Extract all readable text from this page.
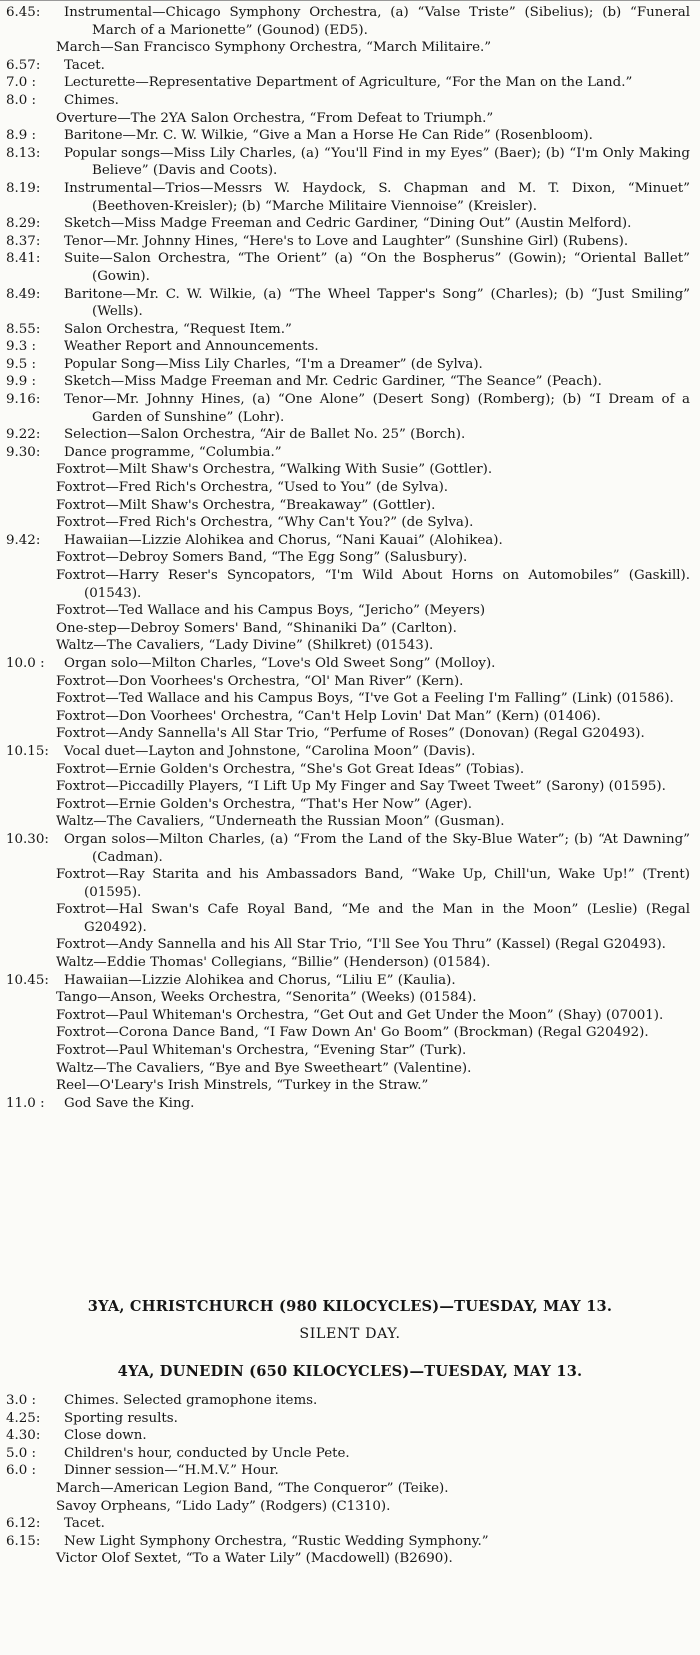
6.45: Instrumental—Chicago Symphony Orchestra, (a) “Valse Triste” (Sibelius); (b) “Funeral March of a Marionette” (Gounod) (ED5).
March—San Francisco Symphony Orchestra, “March Militaire.”
6.57: Tacet.
7.0 : Lecturette—Representative Department of Agriculture, “For the Man on the Land.”
8.0 : Chimes.
Overture—The 2YA Salon Orchestra, “From Defeat to Triumph.”
8.9 : Baritone—Mr. C. W. Wilkie, “Give a Man a Horse He Can Ride” (Rosenbloom).
8.13: Popular songs—Miss Lily Charles, (a) “You'll Find in my Eyes” (Baer); (b) “I'm Only Making Believe” (Davis and Coots).
8.19: Instrumental—Trios—Messrs W. Haydock, S. Chapman and M. T. Dixon, “Minuet” (Beethoven-Kreisler); (b) “Marche Militaire Viennoise” (Kreisler).
8.29: Sketch—Miss Madge Freeman and Cedric Gardiner, “Dining Out” (Austin Melford).
8.37: Tenor—Mr. Johnny Hines, “Here's to Love and Laughter” (Sunshine Girl) (Rubens).
8.41: Suite—Salon Orchestra, “The Orient” (a) “On the Bospherus” (Gowin); “Oriental Ballet” (Gowin).
8.49: Baritone—Mr. C. W. Wilkie, (a) “The Wheel Tapper's Song” (Charles); (b) “Just Smiling” (Wells).
8.55: Salon Orchestra, “Request Item.”
9.3 : Weather Report and Announcements.
9.5 : Popular Song—Miss Lily Charles, “I'm a Dreamer” (de Sylva).
9.9 : Sketch—Miss Madge Freeman and Mr. Cedric Gardiner, “The Seance” (Peach).
9.16: Tenor—Mr. Johnny Hines, (a) “One Alone” (Desert Song) (Romberg); (b) “I Dream of a Garden of Sunshine” (Lohr).
9.22: Selection—Salon Orchestra, “Air de Ballet No. 25” (Borch).
9.30: Dance programme, “Columbia.”
Foxtrot—Milt Shaw's Orchestra, “Walking With Susie” (Gottler).
Foxtrot—Fred Rich's Orchestra, “Used to You” (de Sylva).
Foxtrot—Milt Shaw's Orchestra, “Breakaway” (Gottler).
Foxtrot—Fred Rich's Orchestra, “Why Can't You?” (de Sylva).
9.42: Hawaiian—Lizzie Alohikea and Chorus, “Nani Kauai” (Alohikea).
Foxtrot—Debroy Somers Band, “The Egg Song” (Salusbury).
Foxtrot—Harry Reser's Syncopators, “I'm Wild About Horns on Automobiles” (Gaskill). (01543).
Foxtrot—Ted Wallace and his Campus Boys, “Jericho” (Meyers)
One-step—Debroy Somers' Band, “Shinaniki Da” (Carlton).
Waltz—The Cavaliers, “Lady Divine” (Shilkret) (01543).
10.0 : Organ solo—Milton Charles, “Love's Old Sweet Song” (Molloy).
Foxtrot—Don Voorhees's Orchestra, “Ol' Man River” (Kern).
Foxtrot—Ted Wallace and his Campus Boys, “I've Got a Feeling I'm Falling” (Link) (01586).
Foxtrot—Don Voorhees' Orchestra, “Can't Help Lovin' Dat Man” (Kern) (01406).
Foxtrot—Andy Sannella's All Star Trio, “Perfume of Roses” (Donovan) (Regal G20493).
10.15: Vocal duet—Layton and Johnstone, “Carolina Moon” (Davis).
Foxtrot—Ernie Golden's Orchestra, “She's Got Great Ideas” (Tobias).
Foxtrot—Piccadilly Players, “I Lift Up My Finger and Say Tweet Tweet” (Sarony) (01595).
Foxtrot—Ernie Golden's Orchestra, “That's Her Now” (Ager).
Waltz—The Cavaliers, “Underneath the Russian Moon” (Gusman).
10.30: Organ solos—Milton Charles, (a) “From the Land of the Sky-Blue Water”; (b) “At Dawning” (Cadman).
Foxtrot—Ray Starita and his Ambassadors Band, “Wake Up, Chill'un, Wake Up!” (Trent) (01595).
Foxtrot—Hal Swan's Cafe Royal Band, “Me and the Man in the Moon” (Leslie) (Regal G20492).
Foxtrot—Andy Sannella and his All Star Trio, “I'll See You Thru” (Kassel) (Regal G20493).
Waltz—Eddie Thomas' Collegians, “Billie” (Henderson) (01584).
10.45: Hawaiian—Lizzie Alohikea and Chorus, “Liliu E” (Kaulia).
Tango—Anson, Weeks Orchestra, “Senorita” (Weeks) (01584).
Foxtrot—Paul Whiteman's Orchestra, “Get Out and Get Under the Moon” (Shay) (07001).
Foxtrot—Corona Dance Band, “I Faw Down An' Go Boom” (Brockman) (Regal G20492).
Foxtrot—Paul Whiteman's Orchestra, “Evening Star” (Turk).
Waltz—The Cavaliers, “Bye and Bye Sweetheart” (Valentine).
Reel—O'Leary's Irish Minstrels, “Turkey in the Straw.”
11.0 : God Save the King.
3YA, CHRISTCHURCH (980 KILOCYCLES)—TUESDAY, MAY 13.
SILENT DAY.
4YA, DUNEDIN (650 KILOCYCLES)—TUESDAY, MAY 13.
3.0 : Chimes. Selected gramophone items.
4.25: Sporting results.
4.30: Close down.
5.0 : Children's hour, conducted by Uncle Pete.
6.0 : Dinner session—“H.M.V.” Hour.
March—American Legion Band, “The Conqueror” (Teike).
Savoy Orpheans, “Lido Lady” (Rodgers) (C1310).
6.12: Tacet.
6.15: New Light Symphony Orchestra, “Rustic Wedding Symphony.”
Victor Olof Sextet, “To a Water Lily” (Macdowell) (B2690).
